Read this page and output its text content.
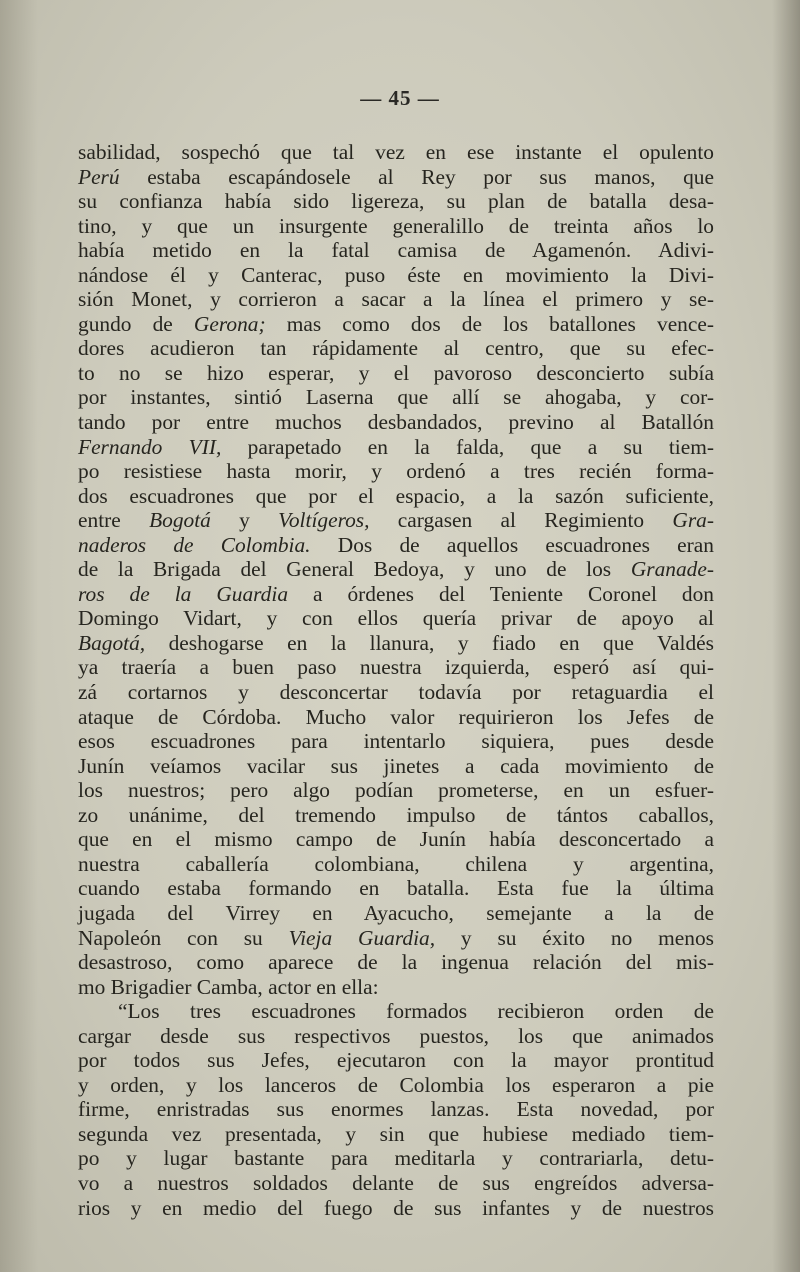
— 45 —
sabilidad, sospechó que tal vez en ese instante el opulento
Perú estaba escapándosele al Rey por sus manos, que
su confianza había sido ligereza, su plan de batalla desa-
tino, y que un insurgente generalillo de treinta años lo
había metido en la fatal camisa de Agamenón. Adivi-
nándose él y Canterac, puso éste en movimiento la Divi-
sión Monet, y corrieron a sacar a la línea el primero y se-
gundo de Gerona; mas como dos de los batallones vence-
dores acudieron tan rápidamente al centro, que su efec-
to no se hizo esperar, y el pavoroso desconcierto subía
por instantes, sintió Laserna que allí se ahogaba, y cor-
tando por entre muchos desbandados, previno al Batallón
Fernando VII, parapetado en la falda, que a su tiem-
po resistiese hasta morir, y ordenó a tres recién forma-
dos escuadrones que por el espacio, a la sazón suficiente,
entre Bogotá y Voltígeros, cargasen al Regimiento Gra-
naderos de Colombia. Dos de aquellos escuadrones eran
de la Brigada del General Bedoya, y uno de los Granade-
ros de la Guardia a órdenes del Teniente Coronel don
Domingo Vidart, y con ellos quería privar de apoyo al
Bagotá, deshogarse en la llanura, y fiado en que Valdés
ya traería a buen paso nuestra izquierda, esperó así qui-
zá cortarnos y desconcertar todavía por retaguardia el
ataque de Córdoba. Mucho valor requirieron los Jefes de
esos escuadrones para intentarlo siquiera, pues desde
Junín veíamos vacilar sus jinetes a cada movimiento de
los nuestros; pero algo podían prometerse, en un esfuer-
zo unánime, del tremendo impulso de tántos caballos,
que en el mismo campo de Junín había desconcertado a
nuestra caballería colombiana, chilena y argentina,
cuando estaba formando en batalla. Esta fue la última
jugada del Virrey en Ayacucho, semejante a la de
Napoleón con su Vieja Guardia, y su éxito no menos
desastroso, como aparece de la ingenua relación del mis-
mo Brigadier Camba, actor en ella:
“Los tres escuadrones formados recibieron orden de
cargar desde sus respectivos puestos, los que animados
por todos sus Jefes, ejecutaron con la mayor prontitud
y orden, y los lanceros de Colombia los esperaron a pie
firme, enristradas sus enormes lanzas. Esta novedad, por
segunda vez presentada, y sin que hubiese mediado tiem-
po y lugar bastante para meditarla y contrariarla, detu-
vo a nuestros soldados delante de sus engreídos adversa-
rios y en medio del fuego de sus infantes y de nuestros
